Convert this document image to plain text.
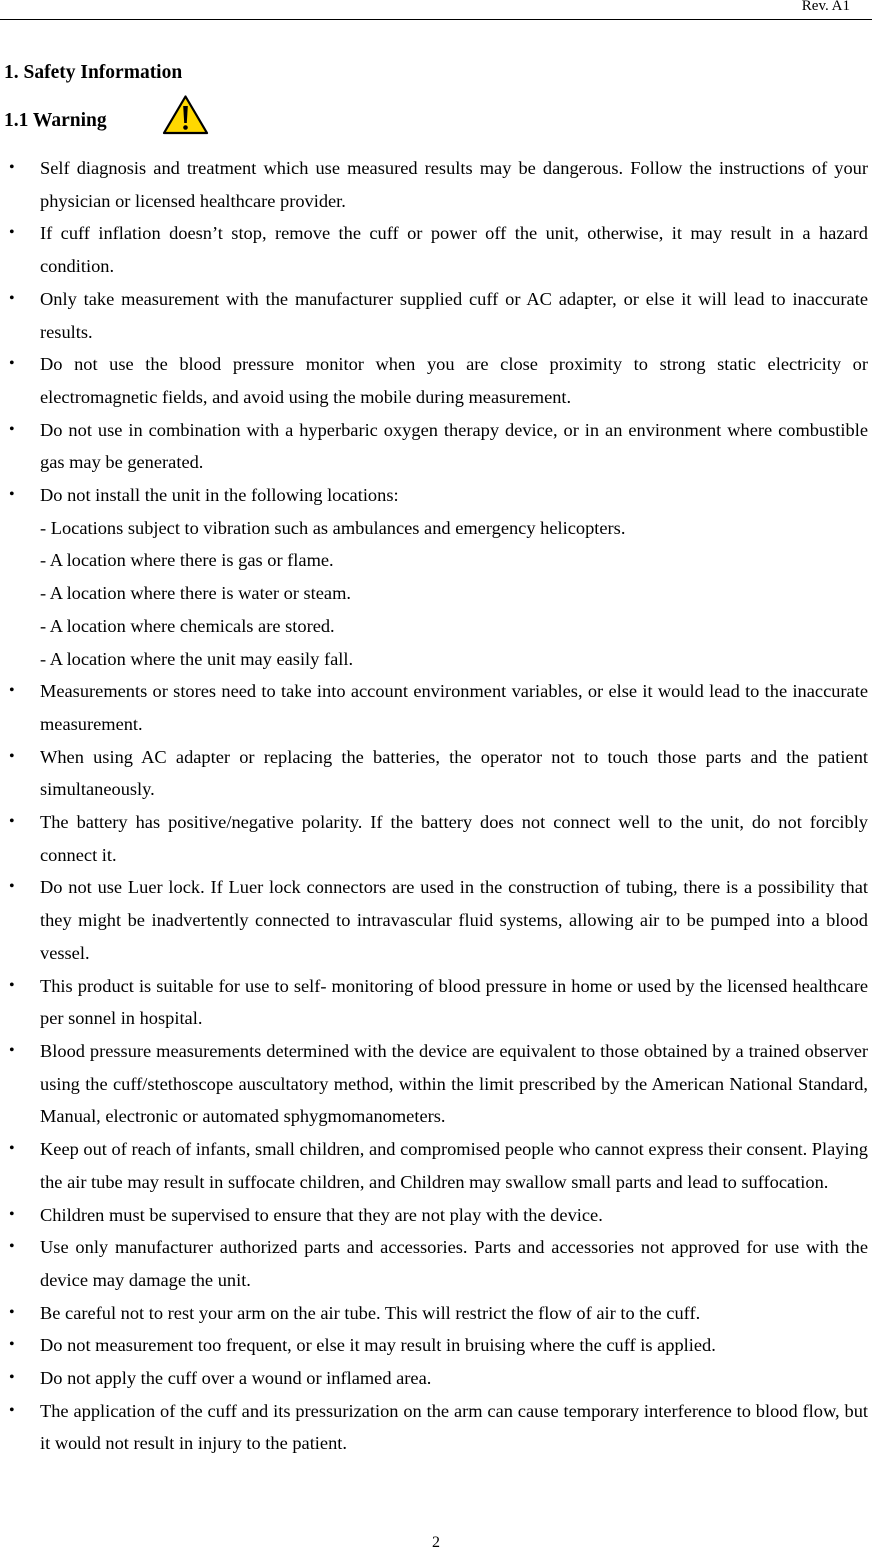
Rev. A1
1. Safety Information
1.1 Warning
• Self diagnosis and treatment which use measured results may be dangerous. Follow the instructions of your physician or licensed healthcare provider.
• If cuff inflation doesn’t stop, remove the cuff or power off the unit, otherwise, it may result in a hazard condition.
• Only take measurement with the manufacturer supplied cuff or AC adapter, or else it will lead to inaccurate results.
• Do not use the blood pressure monitor when you are close proximity to strong static electricity or electromagnetic fields, and avoid using the mobile during measurement.
• Do not use in combination with a hyperbaric oxygen therapy device, or in an environment where combustible gas may be generated.
• Do not install the unit in the following locations:
- Locations subject to vibration such as ambulances and emergency helicopters.
- A location where there is gas or flame.
- A location where there is water or steam.
- A location where chemicals are stored.
- A location where the unit may easily fall.
• Measurements or stores need to take into account environment variables, or else it would lead to the inaccurate measurement.
• When using AC adapter or replacing the batteries, the operator not to touch those parts and the patient simultaneously.
• The battery has positive/negative polarity. If the battery does not connect well to the unit, do not forcibly connect it.
• Do not use Luer lock. If Luer lock connectors are used in the construction of tubing, there is a possibility that they might be inadvertently connected to intravascular fluid systems, allowing air to be pumped into a blood vessel.
• This product is suitable for use to self- monitoring of blood pressure in home or used by the licensed healthcare per sonnel in hospital.
• Blood pressure measurements determined with the device are equivalent to those obtained by a trained observer using the cuff/stethoscope auscultatory method, within the limit prescribed by the American National Standard, Manual, electronic or automated sphygmomanometers.
• Keep out of reach of infants, small children, and compromised people who cannot express their consent. Playing the air tube may result in suffocate children, and Children may swallow small parts and lead to suffocation.
• Children must be supervised to ensure that they are not play with the device.
• Use only manufacturer authorized parts and accessories. Parts and accessories not approved for use with the device may damage the unit.
• Be careful not to rest your arm on the air tube. This will restrict the flow of air to the cuff.
• Do not measurement too frequent, or else it may result in bruising where the cuff is applied.
• Do not apply the cuff over a wound or inflamed area.
• The application of the cuff and its pressurization on the arm can cause temporary interference to blood flow, but it would not result in injury to the patient.
2
